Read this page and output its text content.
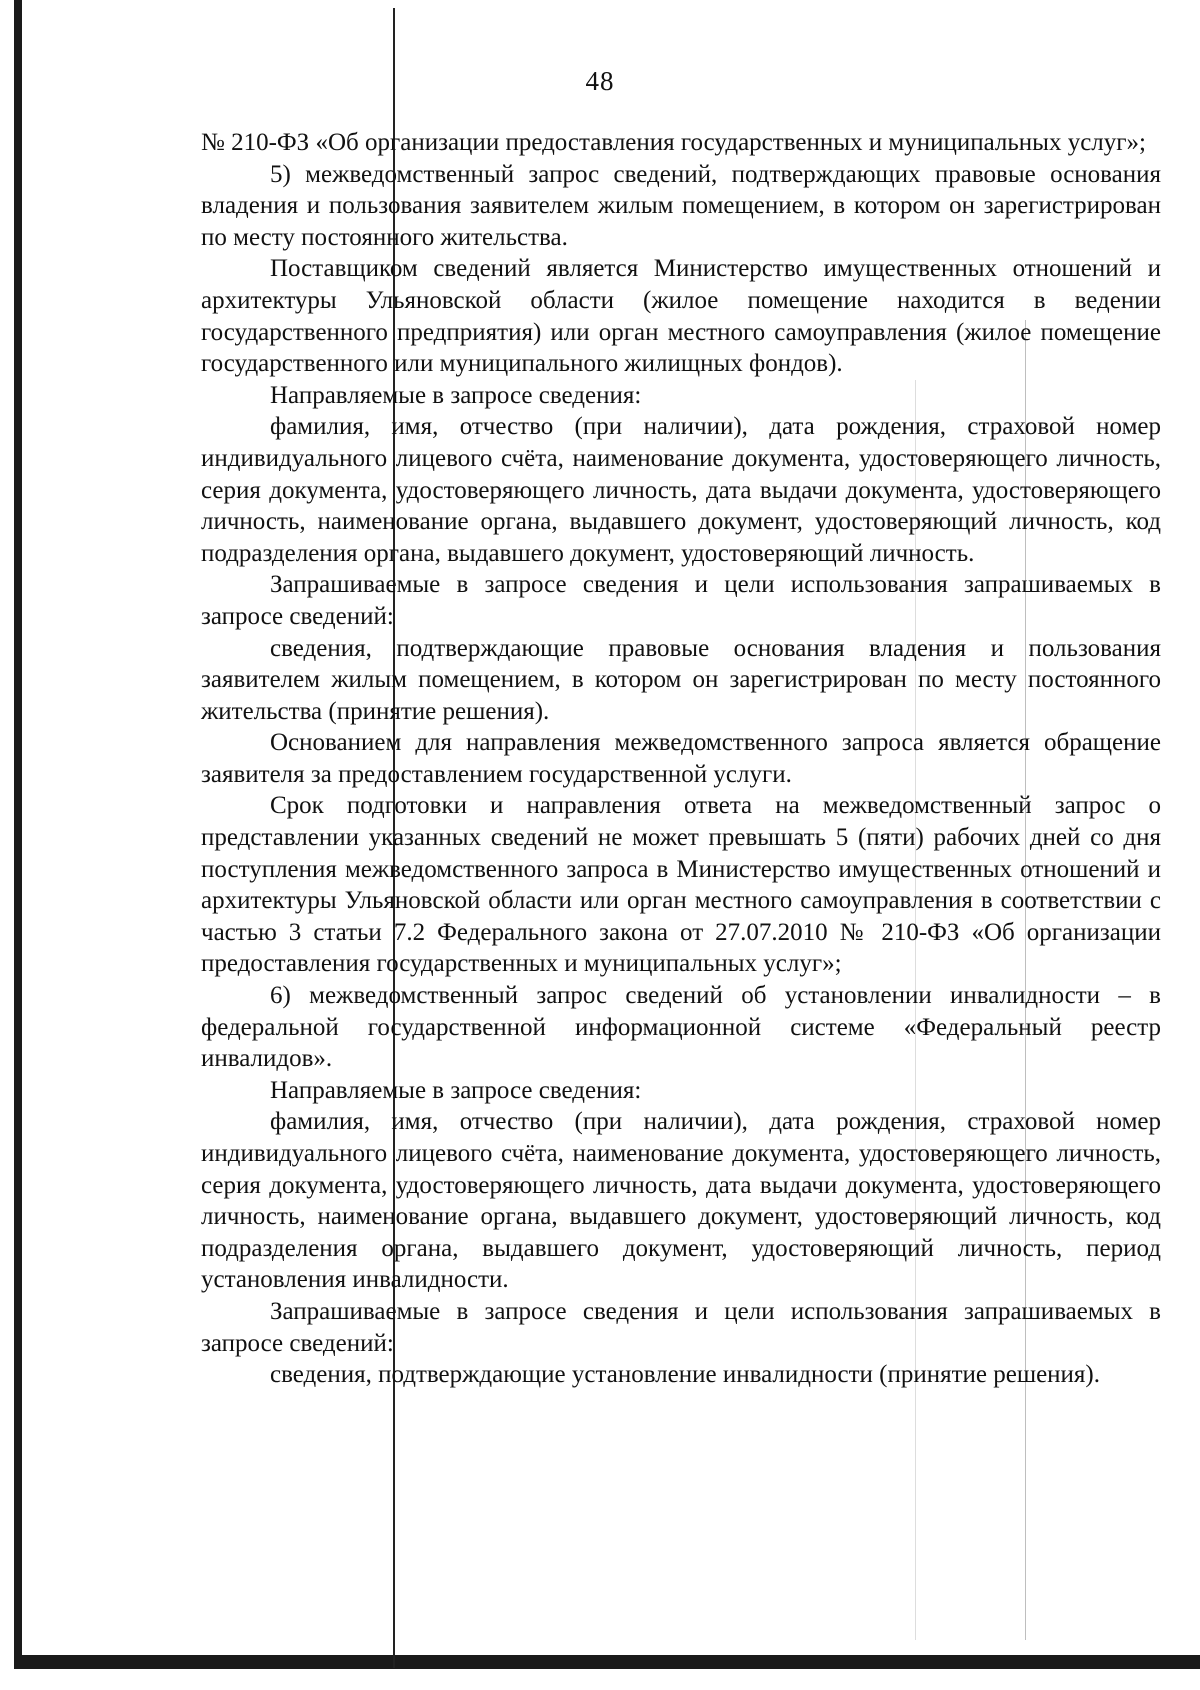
48

№ 210-ФЗ «Об организации предоставления государственных и муниципальных услуг»;

5) межведомственный запрос сведений, подтверждающих правовые основания владения и пользования заявителем жилым помещением, в котором он зарегистрирован по месту постоянного жительства.

Поставщиком сведений является Министерство имущественных отношений и архитектуры Ульяновской области (жилое помещение находится в ведении государственного предприятия) или орган местного самоуправления (жилое помещение государственного или муниципального жилищных фондов).

Направляемые в запросе сведения:

фамилия, имя, отчество (при наличии), дата рождения, страховой номер индивидуального лицевого счёта, наименование документа, удостоверяющего личность, серия документа, удостоверяющего личность, дата выдачи документа, удостоверяющего личность, наименование органа, выдавшего документ, удостоверяющий личность, код подразделения органа, выдавшего документ, удостоверяющий личность.

Запрашиваемые в запросе сведения и цели использования запрашиваемых в запросе сведений:

сведения, подтверждающие правовые основания владения и пользования заявителем жилым помещением, в котором он зарегистрирован по месту постоянного жительства (принятие решения).

Основанием для направления межведомственного запроса является обращение заявителя за предоставлением государственной услуги.

Срок подготовки и направления ответа на межведомственный запрос о представлении указанных сведений не может превышать 5 (пяти) рабочих дней со дня поступления межведомственного запроса в Министерство имущественных отношений и архитектуры Ульяновской области или орган местного самоуправления в соответствии с частью 3 статьи 7.2 Федерального закона от 27.07.2010 № 210-ФЗ «Об организации предоставления государственных и муниципальных услуг»;

6) межведомственный запрос сведений об установлении инвалидности – в федеральной государственной информационной системе «Федеральный реестр инвалидов».

Направляемые в запросе сведения:

фамилия, имя, отчество (при наличии), дата рождения, страховой номер индивидуального лицевого счёта, наименование документа, удостоверяющего личность, серия документа, удостоверяющего личность, дата выдачи документа, удостоверяющего личность, наименование органа, выдавшего документ, удостоверяющий личность, код подразделения органа, выдавшего документ, удостоверяющий личность, период установления инвалидности.

Запрашиваемые в запросе сведения и цели использования запрашиваемых в запросе сведений:

сведения, подтверждающие установление инвалидности (принятие решения).
